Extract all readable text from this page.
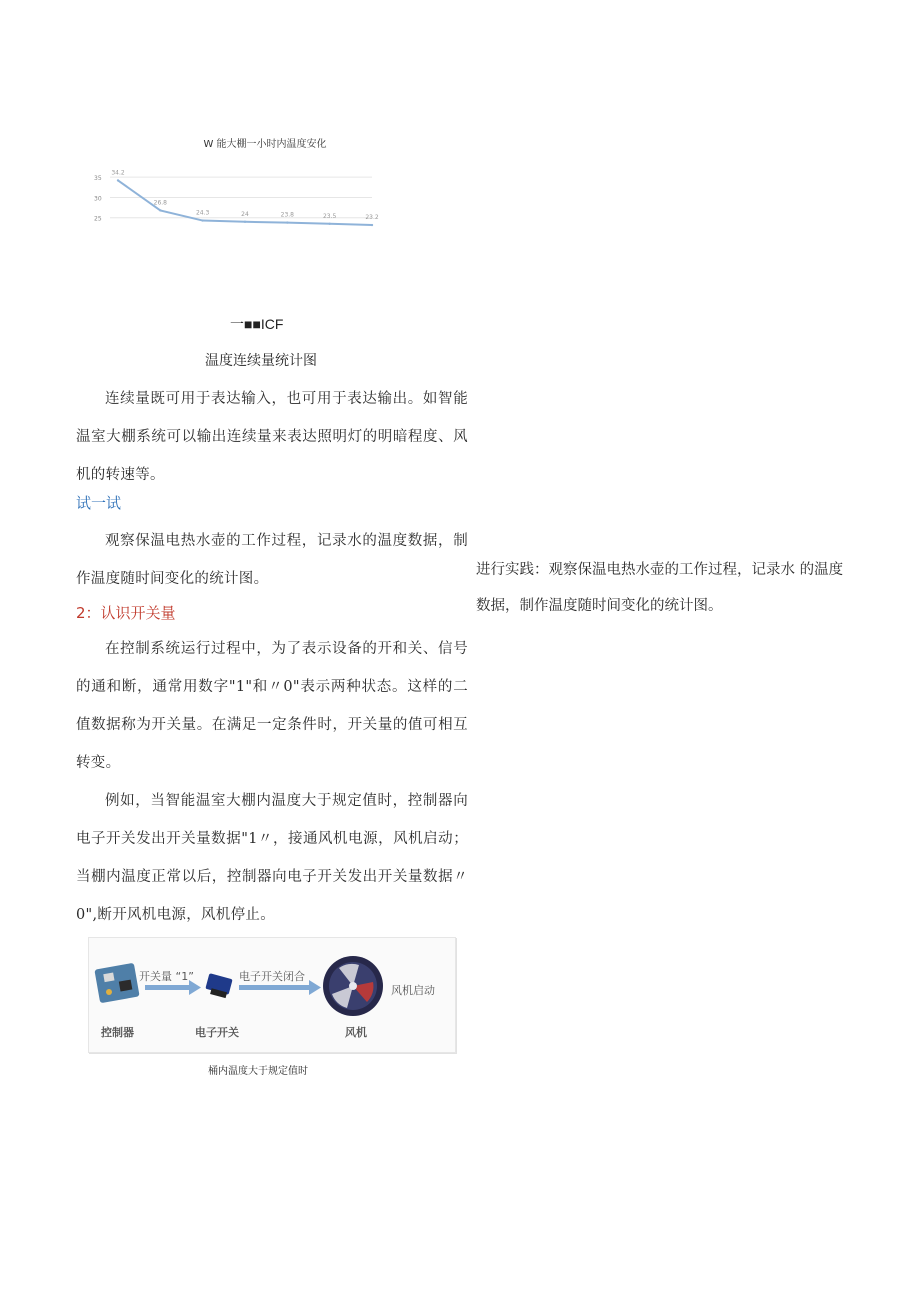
W 能大棚一小时内温度安化
35
30
25
34.2
26.8
24.3	24	23.8	23.5	23.2
一■■ICF
温度连续量统计图

连续量既可用于表达输入，也可用于表达输出。如智能温室大棚系统可以输出连续量来表达照明灯的明暗程度、风机的转速等。

试一试

观察保温电热水壶的工作过程，记录水的温度数据，制作温度随时间变化的统计图。

进行实践：观察保温电热水壶的工作过程，记录水 的温度数据，制作温度随时间变化的统计图。
2：认识开关量

在控制系统运行过程中，为了表示设备的开和关、信号的通和断，通常用数字"1"和〃0"表示两种状态。这样的二值数据称为开关量。在满足一定条件时，开关量的值可相互转变。

例如，当智能温室大棚内温度大于规定值时，控制器向电子开关发出开关量数据"1〃，接通风机电源，风机启动；当棚内温度正常以后，控制器向电子开关发出开关量数据〃0",断开风机电源，风机停止。

开关量 “1”	电子开关闭合
风机启动
控制器	电子开关	风机
桶内温度大于规定值时
